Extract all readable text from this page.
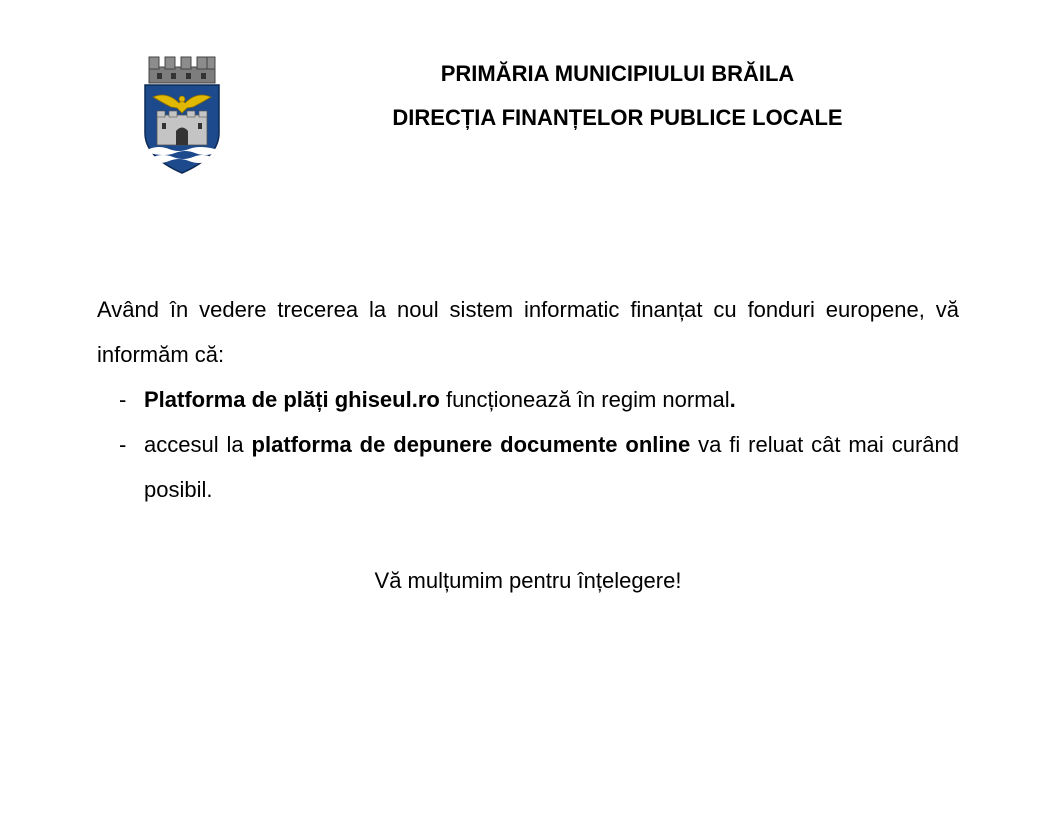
PRIMĂRIA MUNICIPIULUI BRĂILA
DIRECȚIA FINANȚELOR PUBLICE LOCALE

Având în vedere trecerea la noul sistem informatic finanțat cu fonduri europene, vă informăm că:

- Platforma de plăți ghiseul.ro funcționează în regim normal.
- accesul la platforma de depunere documente online va fi reluat cât mai curând posibil.
Vă mulțumim pentru înțelegere!
